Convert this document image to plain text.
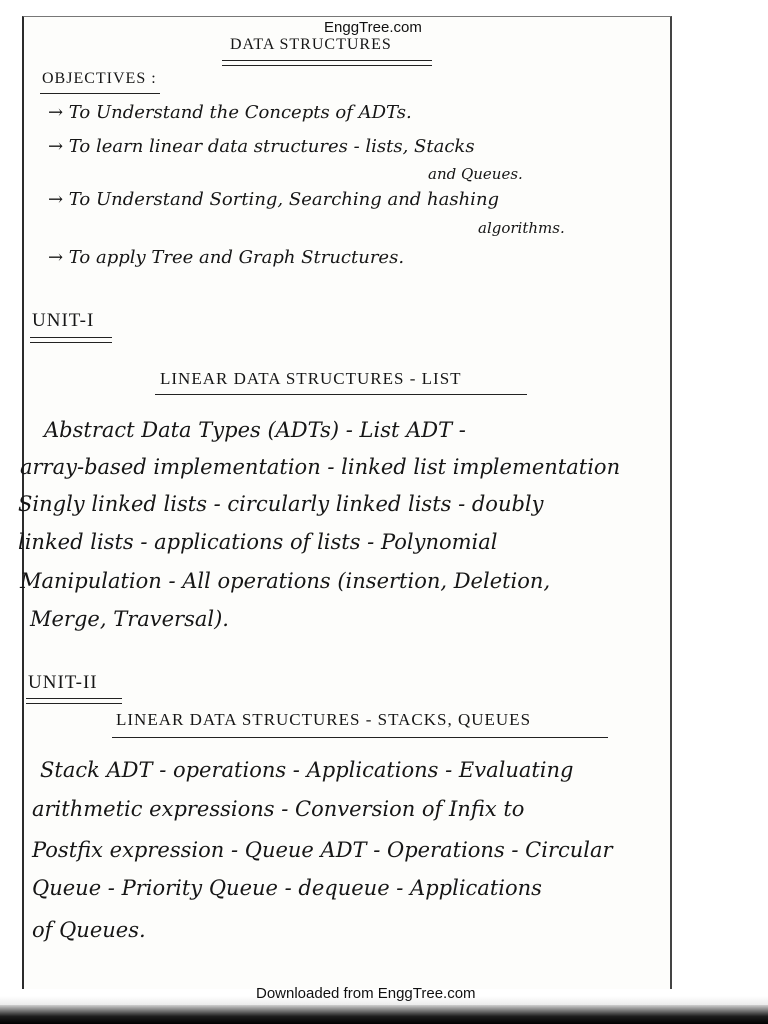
EnggTree.com
DATA STRUCTURES
OBJECTIVES :
→ To Understand the Concepts of ADTs.
→ To learn linear data structures - lists, Stacks
and Queues.
→ To Understand Sorting, Searching and hashing
algorithms.
→ To apply Tree and Graph Structures.
UNIT-I
LINEAR DATA STRUCTURES - LIST
Abstract Data Types (ADTs) - List ADT -
array-based implementation - linked list implementation
Singly linked lists - circularly linked lists - doubly
linked lists - applications of lists - Polynomial
Manipulation - All operations (insertion, Deletion,
Merge, Traversal).
UNIT-II
LINEAR DATA STRUCTURES - STACKS, QUEUES
Stack ADT - operations - Applications - Evaluating
arithmetic expressions - Conversion of Infix to
Postfix expression - Queue ADT - Operations - Circular
Queue - Priority Queue - dequeue - Applications
of Queues.
Downloaded from EnggTree.com
